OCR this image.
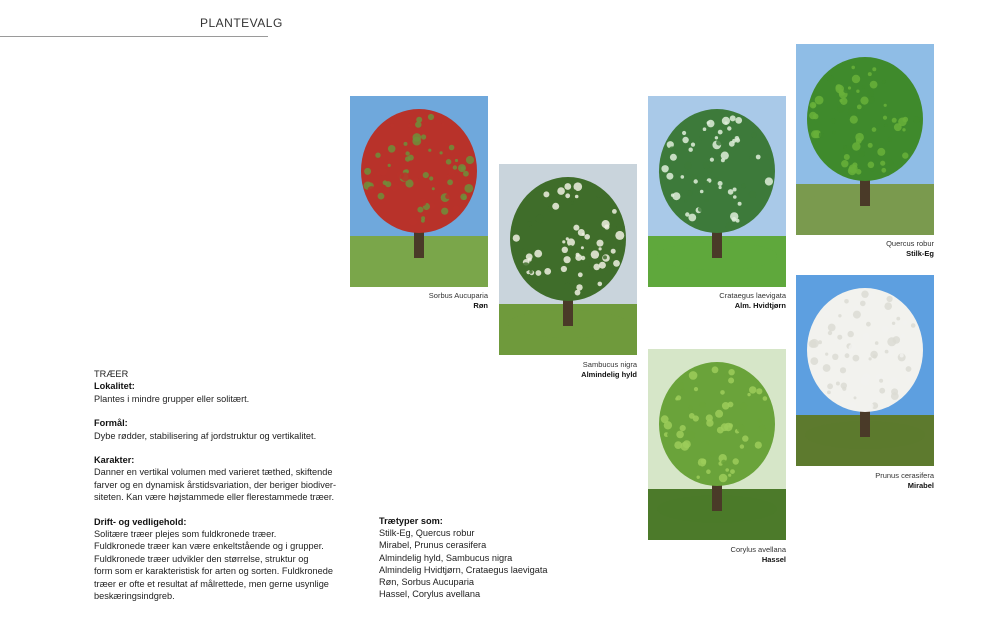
PLANTEVALG
Sorbus Aucuparia
Røn
Sambucus nigra
Almindelig hyld
Crataegus laevigata
Alm. Hvidtjørn
Quercus robur
Stilk-Eg
Corylus avellana
Hassel
Prunus cerasifera
Mirabel

TRÆER

Lokalitet:

Plantes i mindre grupper eller solitært.

Formål:

Dybe rødder, stabilisering af jordstruktur og vertikalitet.

Karakter:

Danner en vertikal volumen med varieret tæthed, skiftende

farver og en dynamisk årstidsvariation, der beriger biodiver-

siteten. Kan være højstammede eller flerestammede træer.

Drift- og vedligehold:

Solitære træer plejes som fuldkronede træer.

Fuldkronede træer kan være enkeltstående og i grupper.

Fuldkronede træer udvikler den størrelse, struktur og

form som er karakteristisk for arten og sorten. Fuldkronede

træer er ofte et resultat af målrettede, men gerne usynlige

beskæringsindgreb.

Trætyper som:
Stilk-Eg, Quercus robur
Mirabel, Prunus cerasifera
Almindelig hyld, Sambucus nigra
Almindelig Hvidtjørn, Crataegus laevigata
Røn, Sorbus Aucuparia
Hassel, Corylus avellana
